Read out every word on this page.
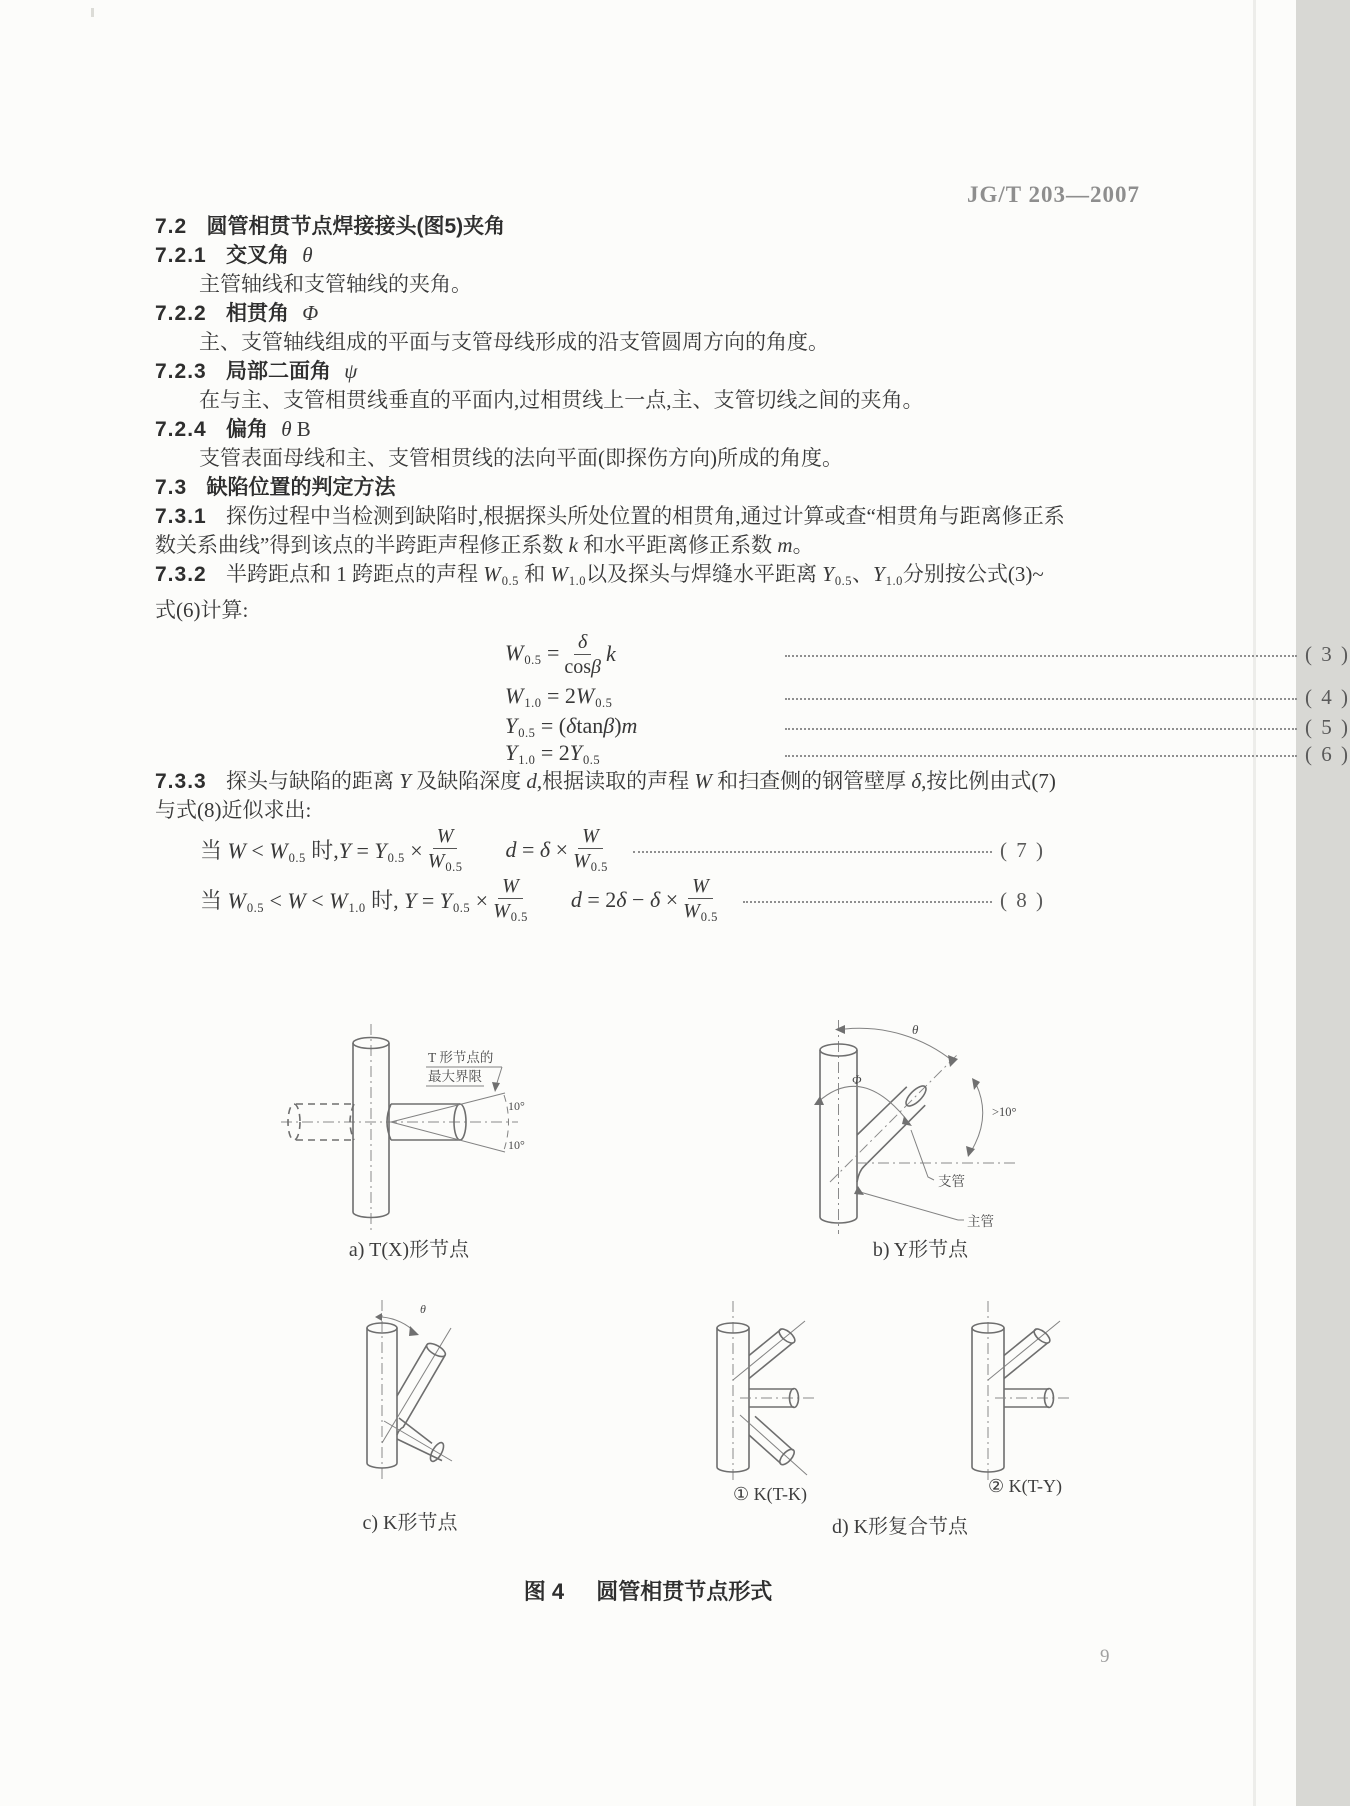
JG/T 203—2007
7.2 圆管相贯节点焊接接头(图5)夹角
7.2.1 交叉角 θ
主管轴线和支管轴线的夹角。
7.2.2 相贯角 Φ
主、支管轴线组成的平面与支管母线形成的沿支管圆周方向的角度。
7.2.3 局部二面角 ψ
在与主、支管相贯线垂直的平面内,过相贯线上一点,主、支管切线之间的夹角。
7.2.4 偏角 θ B
支管表面母线和主、支管相贯线的法向平面(即探伤方向)所成的角度。
7.3 缺陷位置的判定方法
7.3.1 探伤过程中当检测到缺陷时,根据探头所处位置的相贯角,通过计算或查“相贯角与距离修正系
数关系曲线”得到该点的半跨距声程修正系数 k 和水平距离修正系数 m。
7.3.2 半跨距点和 1 跨距点的声程 W0.5 和 W1.0以及探头与焊缝水平距离 Y0.5、Y1.0分别按公式(3)~
式(6)计算:
$W0.5 = \frac{\delta}{\cos\beta}$ k	( 3 )
W1.0 = 2W0.5	( 4 )
Y0.5 = (δtanβ)m	( 5 )
Y1.0 = 2Y0.5	( 6 )
7.3.3 探头与缺陷的距离 Y 及缺陷深度 d,根据读取的声程 W 和扫查侧的钢管壁厚 δ,按比例由式(7)
与式(8)近似求出:
当 W < W0.5 时$,Y = Y0.5 \times \frac{W}{W_{0.5}}$ $d = \delta \times \frac{W}{W_{0.5}}$	( 7 )
当 W0.5 < W < W1.0 时, $Y = Y0.5 \times \frac{W}{W_{0.5}}$ $d = 2\delta - \delta \times \frac{W}{W_{0.5}}$	( 8 )
10°
10°
T 形节点的
最大界限
a) T(X)形节点
θ
>10°
Φ
支管
主管
b) Y形节点
θ
c) K形节点
① K(T-K)	② K(T-Y)
d) K形复合节点
图 4 圆管相贯节点形式
9
